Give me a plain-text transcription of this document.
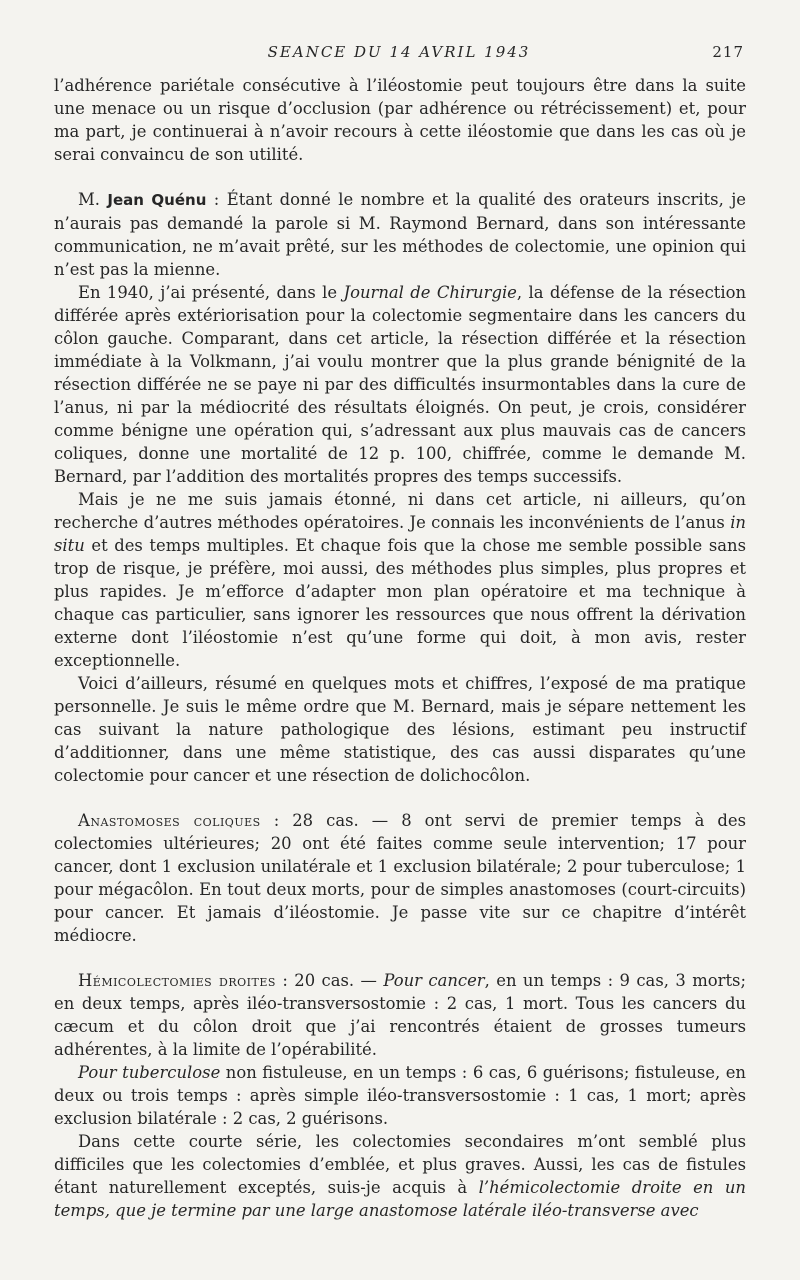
SEANCE DU 14 AVRIL 1943	217

l’adhérence pariétale consécutive à l’iléostomie peut toujours être dans la suite une menace ou un risque d’occlusion (par adhérence ou rétrécissement) et, pour ma part, je continuerai à n’avoir recours à cette iléostomie que dans les cas où je serai convaincu de son utilité.

M. Jean Quénu : Étant donné le nombre et la qualité des orateurs inscrits, je n’aurais pas demandé la parole si M. Raymond Bernard, dans son intéressante communication, ne m’avait prêté, sur les méthodes de colectomie, une opinion qui n’est pas la mienne.

En 1940, j’ai présenté, dans le Journal de Chirurgie, la défense de la résection différée après extériorisation pour la colectomie segmentaire dans les cancers du côlon gauche. Comparant, dans cet article, la résection différée et la résection immédiate à la Volkmann, j’ai voulu montrer que la plus grande bénignité de la résection différée ne se paye ni par des difficultés insurmontables dans la cure de l’anus, ni par la médiocrité des résultats éloignés. On peut, je crois, considérer comme bénigne une opération qui, s’adressant aux plus mauvais cas de cancers coliques, donne une mortalité de 12 p. 100, chiffrée, comme le demande M. Bernard, par l’addition des mortalités propres des temps successifs.

Mais je ne me suis jamais étonné, ni dans cet article, ni ailleurs, qu’on recherche d’autres méthodes opératoires. Je connais les inconvénients de l’anus in situ et des temps multiples. Et chaque fois que la chose me semble possible sans trop de risque, je préfère, moi aussi, des méthodes plus simples, plus propres et plus rapides. Je m’efforce d’adapter mon plan opératoire et ma technique à chaque cas particulier, sans ignorer les ressources que nous offrent la dérivation externe dont l’iléostomie n’est qu’une forme qui doit, à mon avis, rester exceptionnelle.

Voici d’ailleurs, résumé en quelques mots et chiffres, l’exposé de ma pratique personnelle. Je suis le même ordre que M. Bernard, mais je sépare nettement les cas suivant la nature pathologique des lésions, estimant peu instructif d’additionner, dans une même statistique, des cas aussi disparates qu’une colectomie pour cancer et une résection de dolichocôlon.

Anastomoses coliques : 28 cas. — 8 ont servi de premier temps à des colectomies ultérieures; 20 ont été faites comme seule intervention; 17 pour cancer, dont 1 exclusion unilatérale et 1 exclusion bilatérale; 2 pour tuberculose; 1 pour mégacôlon. En tout deux morts, pour de simples anastomoses (court-circuits) pour cancer. Et jamais d’iléostomie. Je passe vite sur ce chapitre d’intérêt médiocre.

Hémicolectomies droites : 20 cas. — Pour cancer, en un temps : 9 cas, 3 morts; en deux temps, après iléo-transversostomie : 2 cas, 1 mort. Tous les cancers du cæcum et du côlon droit que j’ai rencontrés étaient de grosses tumeurs adhérentes, à la limite de l’opérabilité.

Pour tuberculose non fistuleuse, en un temps : 6 cas, 6 guérisons; fistuleuse, en deux ou trois temps : après simple iléo-transversostomie : 1 cas, 1 mort; après exclusion bilatérale : 2 cas, 2 guérisons.

Dans cette courte série, les colectomies secondaires m’ont semblé plus difficiles que les colectomies d’emblée, et plus graves. Aussi, les cas de fistules étant naturellement exceptés, suis-je acquis à l’hémicolectomie droite en un temps, que je termine par une large anastomose latérale iléo-transverse avec
